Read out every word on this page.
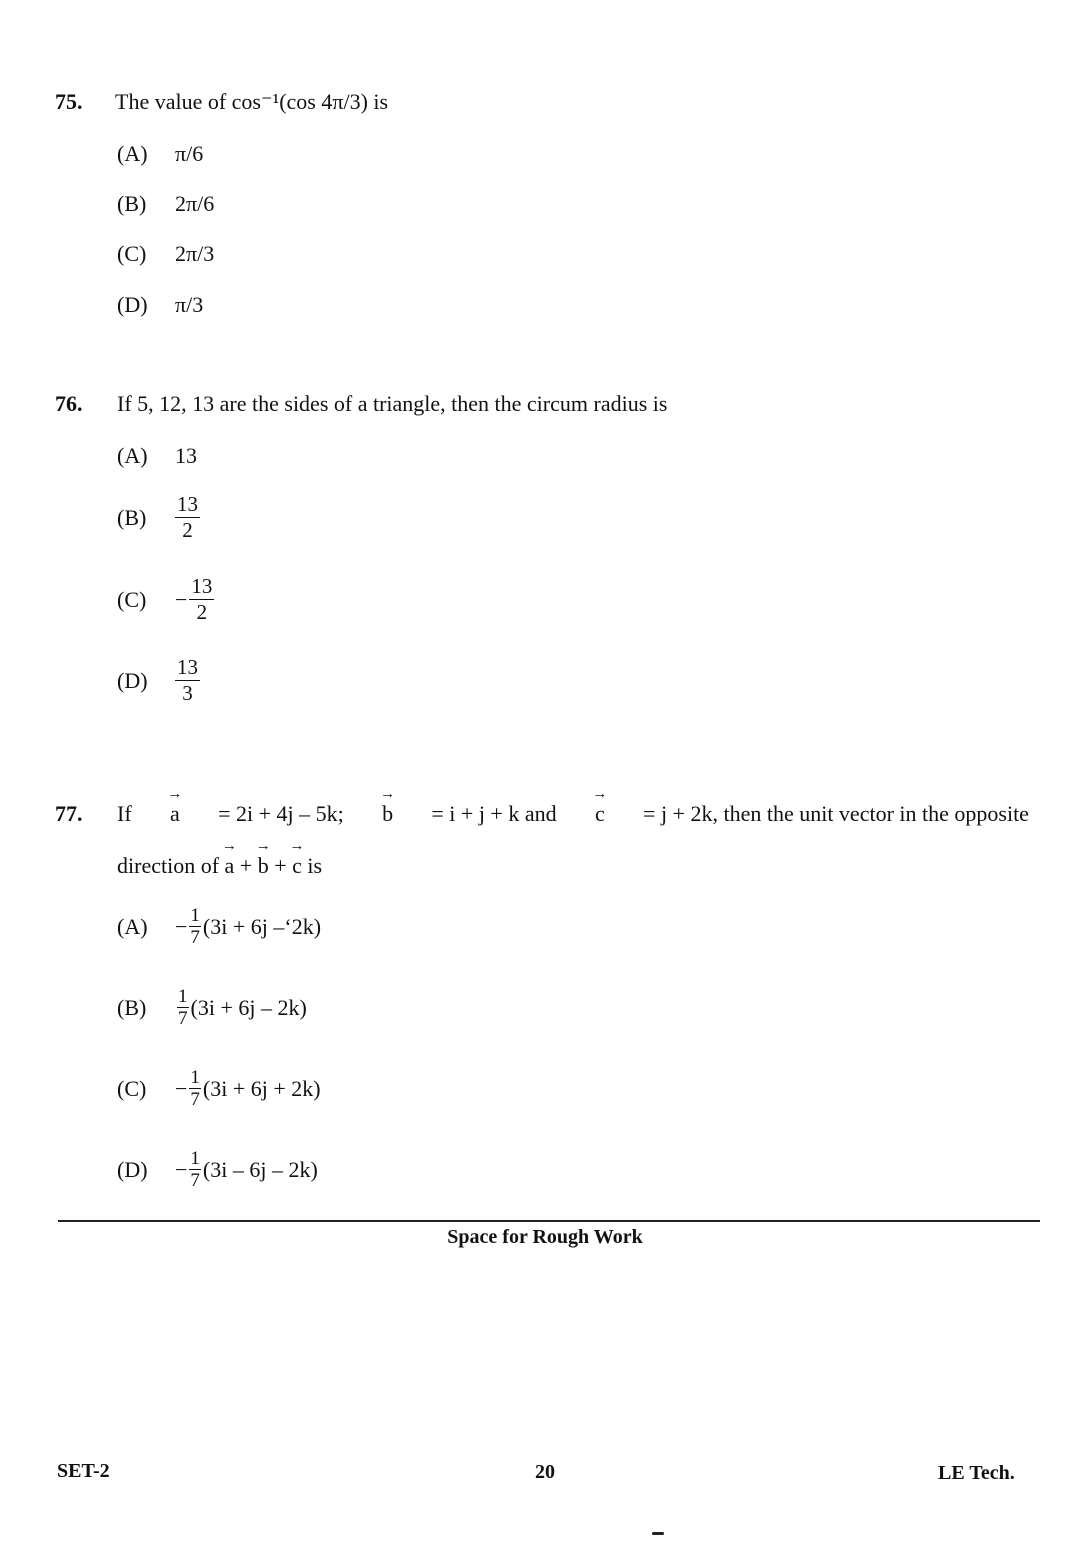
75. The value of cos⁻¹(cos 4π/3) is
(A)	π/6
(B)	2π/6
(C)	2π/3
(D)	π/3
76. If 5, 12, 13 are the sides of a triangle, then the circum radius is
(A)	13
(B)	$\frac{13}{2}$
(C)	− $\frac{13}{2}$
(D)	$\frac{13}{3}$
77. If → a = 2i + 4j – 5k; → b = i + j + k and → c = j + 2k, then the unit vector in the opposite
direction of → a + → b + → c is
(A)	− $\frac{1}{7} (3i + 6j$ –ʻ2k)
(B)	$\frac{1}{7} (3i + 6j - 2k)$
(C)	− $\frac{1}{7} (3i + 6j + 2k)$
(D)	− $\frac{1}{7} (3i - 6j - 2k)$
Space for Rough Work
SET-2	20	LE Tech.
